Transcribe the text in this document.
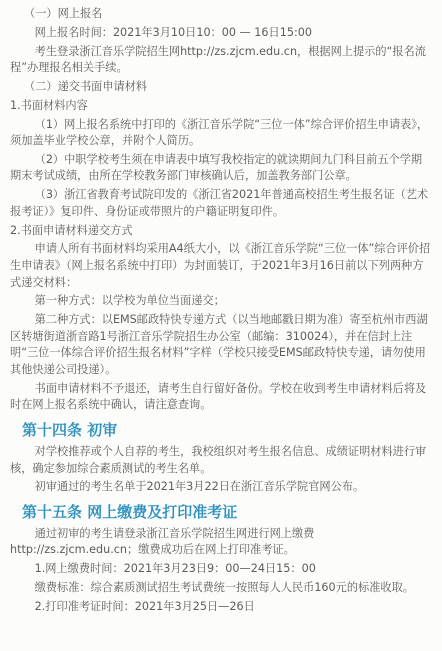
（一）网上报名

网上报名时间：2021年3月10日10：00 — 16日15:00

考生登录浙江音乐学院招生网http://zs.zjcm.edu.cn，根据网上提示的“报名流程”办理报名相关手续。

（二）递交书面申请材料

1.书面材料内容

（1）网上报名系统中打印的《浙江音乐学院“三位一体”综合评价招生申请表》，须加盖毕业学校公章，并附个人简历。

（2）中职学校考生须在申请表中填写我校指定的就读期间九门科目前五个学期期末考试成绩，由所在学校教务部门审核确认后，加盖教务部门公章。

（3）浙江省教育考试院印发的《浙江省2021年普通高校招生考生报名证（艺术报考证）》复印件、身份证或带照片的户籍证明复印件。

2.书面申请材料递交方式

申请人所有书面材料均采用A4纸大小，以《浙江音乐学院“三位一体”综合评价招生申请表》（网上报名系统中打印）为封面装订，于2021年3月16日前以下列两种方式递交材料：

第一种方式：以学校为单位当面递交；

第二种方式：以EMS邮政特快专递方式（以当地邮戳日期为准）寄至杭州市西湖区转塘街道浙音路1号浙江音乐学院招生办公室（邮编：310024），并在信封上注明“三位一体综合评价招生报名材料”字样（学校只接受EMS邮政特快专递，请勿使用其他快递公司投递）。

书面申请材料不予退还，请考生自行留好备份。学校在收到考生申请材料后将及时在网上报名系统中确认，请注意查询。

第十四条 初审

对学校推荐或个人自荐的考生，我校组织对考生报名信息、成绩证明材料进行审核，确定参加综合素质测试的考生名单。

初审通过的考生名单于2021年3月22日在浙江音乐学院官网公布。

第十五条 网上缴费及打印准考证

通过初审的考生请登录浙江音乐学院招生网进行网上缴费http://zs.zjcm.edu.cn；缴费成功后在网上打印准考证。

1.网上缴费时间：2021年3月23日9：00—24日15：00

缴费标准：综合素质测试招生考试费统一按照每人人民币160元的标准收取。

2.打印准考证时间：2021年3月25日—26日
